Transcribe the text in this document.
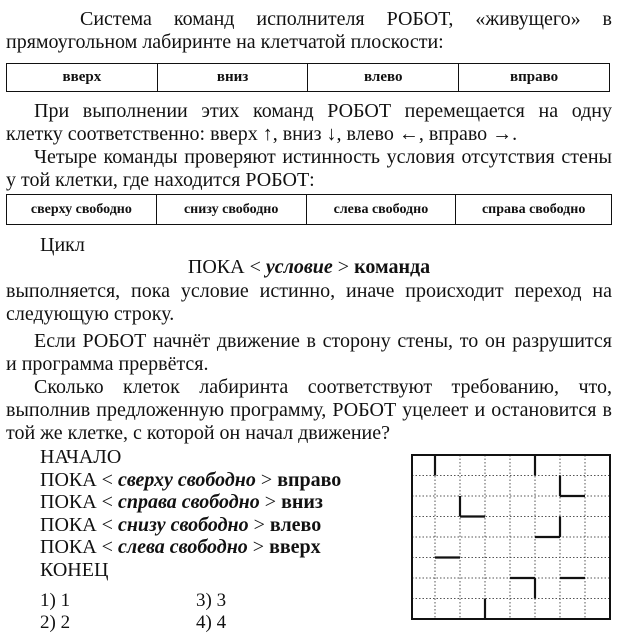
Система команд исполнителя РОБОТ, «живущего» в прямоугольном лабиринте на клетчатой плоскости:
вверх	вниз	влево	вправо
При выполнении этих команд РОБОТ перемещается на одну клетку соответственно: вверх ↑, вниз ↓, влево ←, вправо →.
Четыре команды проверяют истинность условия отсутствия стены у той клетки, где находится РОБОТ:
сверху свободно	снизу свободно	слева свободно	справа свободно
Цикл
ПОКА < условие > команда
выполняется, пока условие истинно, иначе происходит переход на следующую строку.
Если РОБОТ начнёт движение в сторону стены, то он разрушится и программа прервётся.
Сколько клеток лабиринта соответствуют требованию, что, выполнив предложенную программу, РОБОТ уцелеет и остановится в той же клетке, с которой он начал движение?
НАЧАЛО
ПОКА < сверху свободно > вправо
ПОКА < справа свободно > вниз
ПОКА < снизу свободно > влево
ПОКА < слева свободно > вверх
КОНЕЦ
1) 1
2) 2
3) 3
4) 4
